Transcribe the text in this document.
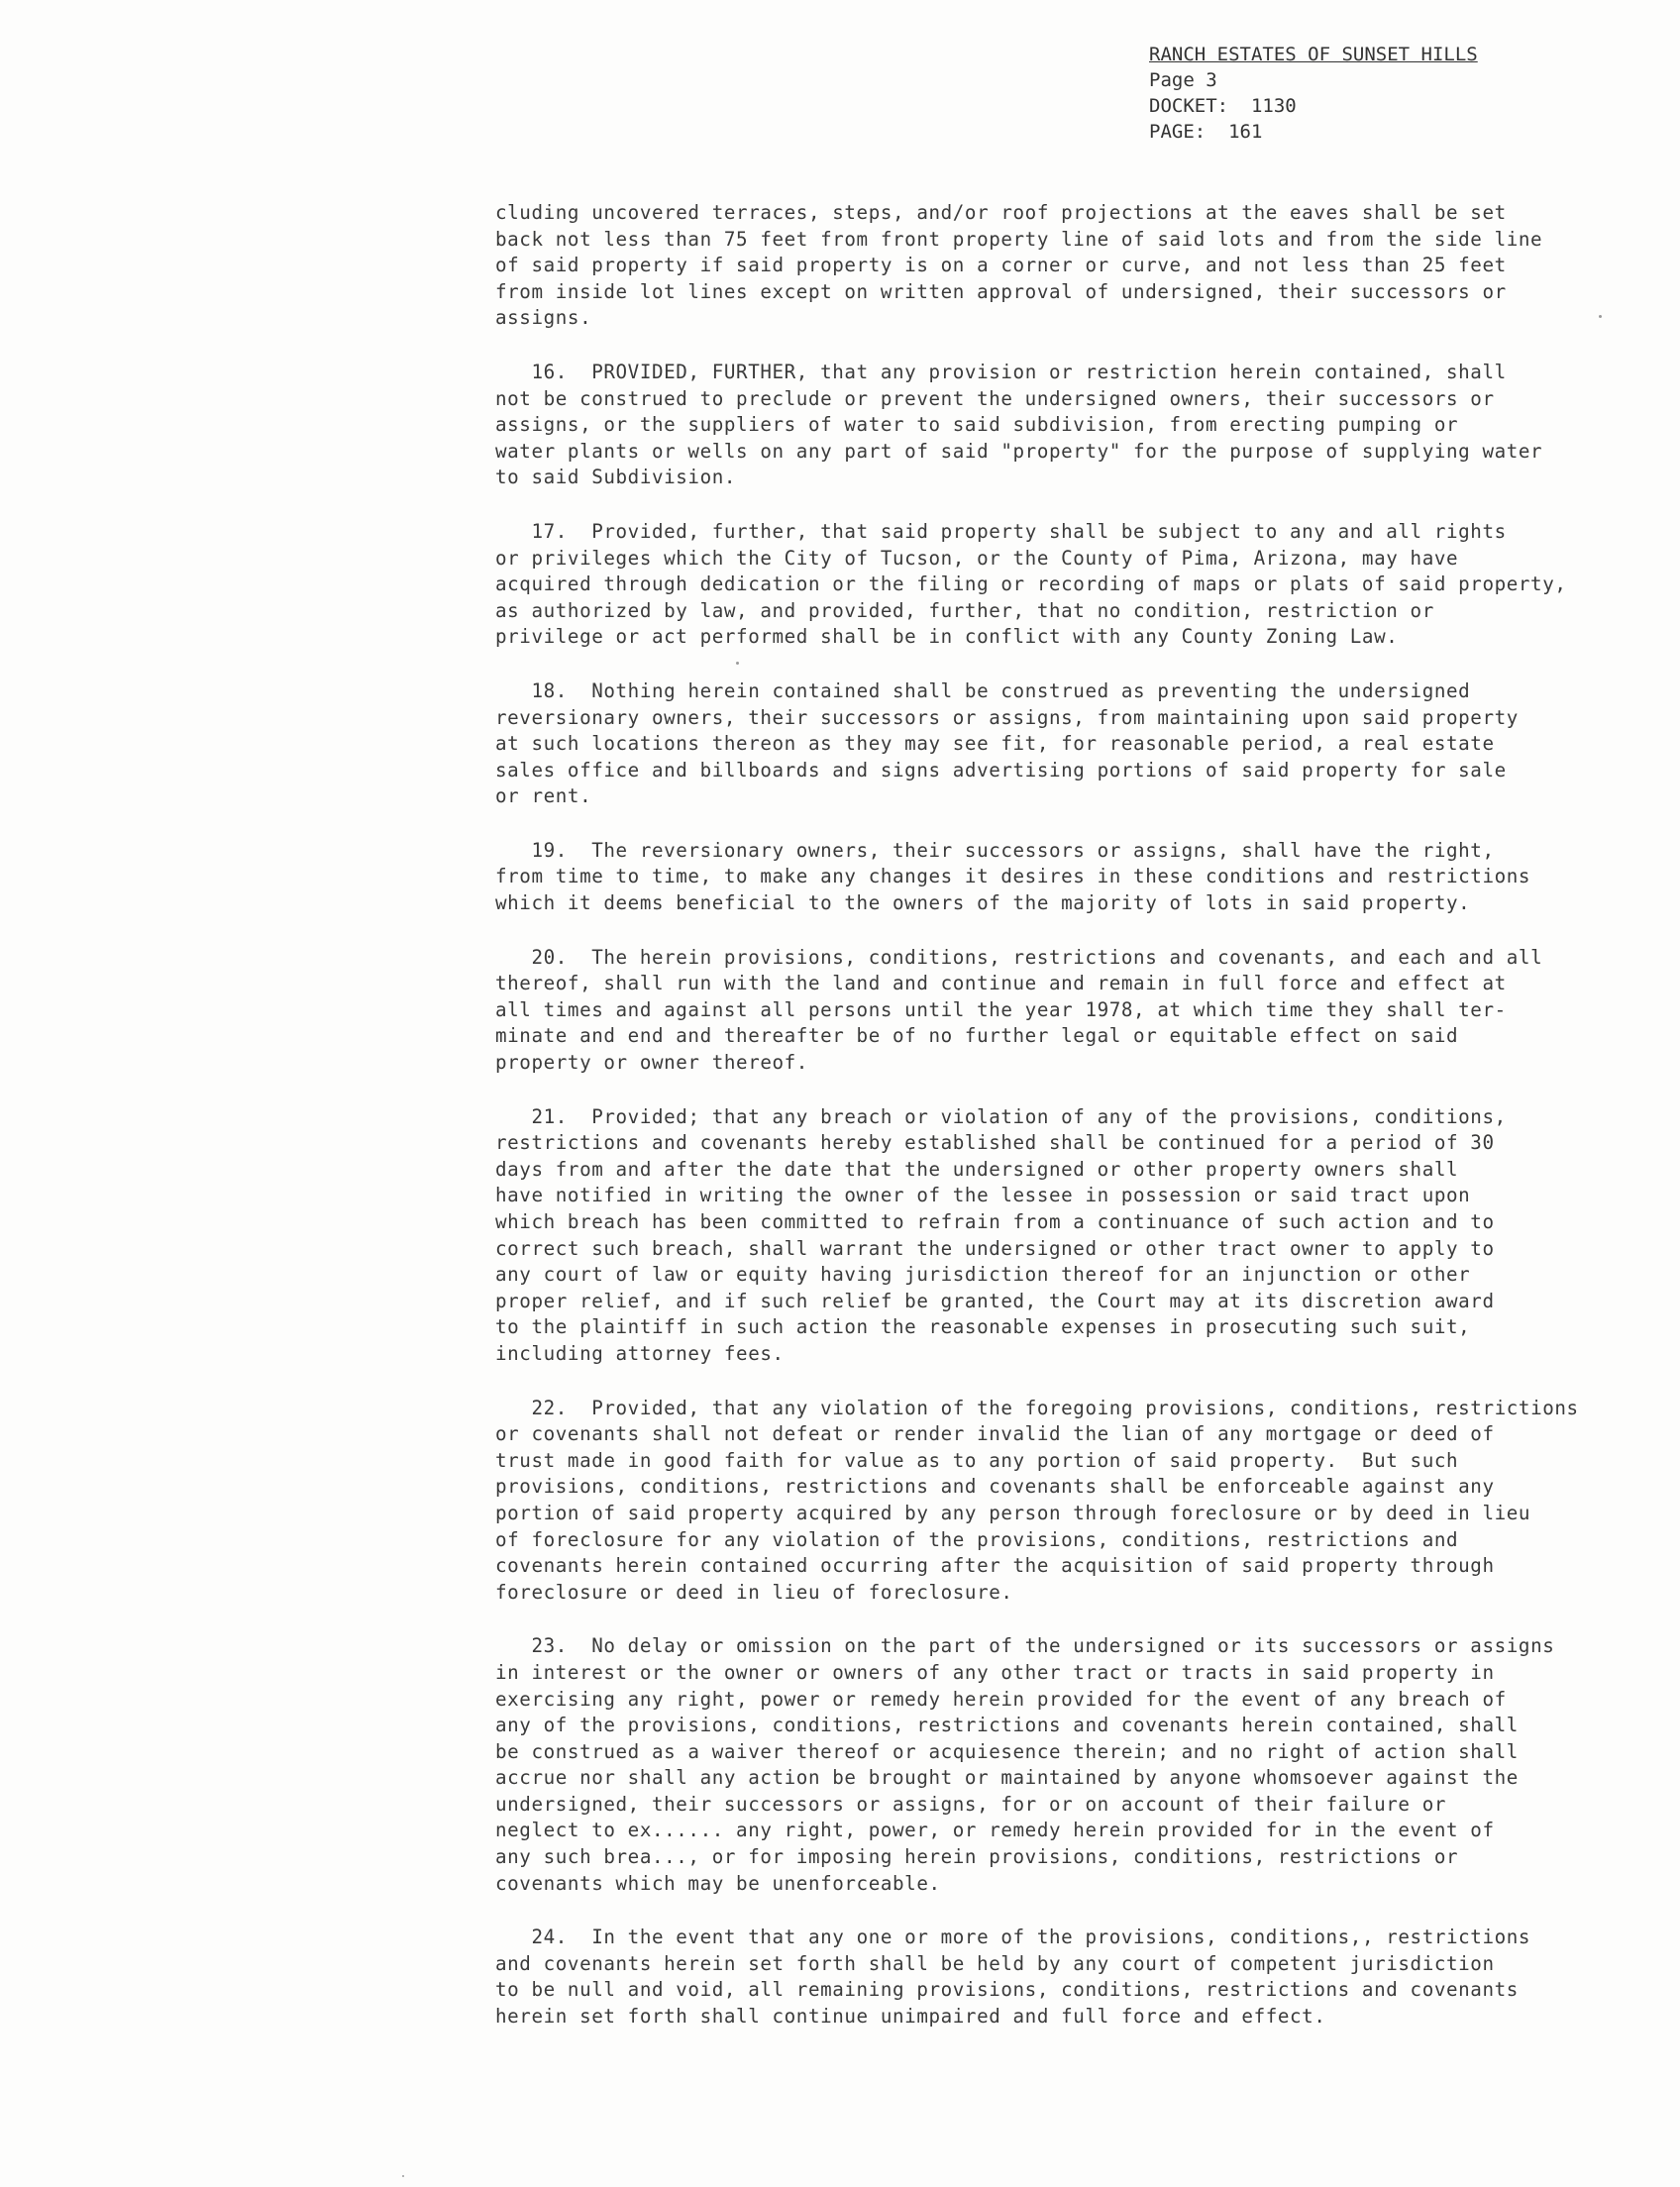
RANCH ESTATES OF SUNSET HILLS
Page 3
DOCKET:  1130
PAGE:  161

cluding uncovered terraces, steps, and/or roof projections at the eaves shall be set
back not less than 75 feet from front property line of said lots and from the side line
of said property if said property is on a corner or curve, and not less than 25 feet
from inside lot lines except on written approval of undersigned, their successors or
assigns.

16.  PROVIDED, FURTHER, that any provision or restriction herein contained, shall
not be construed to preclude or prevent the undersigned owners, their successors or
assigns, or the suppliers of water to said subdivision, from erecting pumping or
water plants or wells on any part of said "property" for the purpose of supplying water
to said Subdivision.

17.  Provided, further, that said property shall be subject to any and all rights
or privileges which the City of Tucson, or the County of Pima, Arizona, may have
acquired through dedication or the filing or recording of maps or plats of said property,
as authorized by law, and provided, further, that no condition, restriction or
privilege or act performed shall be in conflict with any County Zoning Law.

18.  Nothing herein contained shall be construed as preventing the undersigned
reversionary owners, their successors or assigns, from maintaining upon said property
at such locations thereon as they may see fit, for reasonable period, a real estate
sales office and billboards and signs advertising portions of said property for sale
or rent.

19.  The reversionary owners, their successors or assigns, shall have the right,
from time to time, to make any changes it desires in these conditions and restrictions
which it deems beneficial to the owners of the majority of lots in said property.

20.  The herein provisions, conditions, restrictions and covenants, and each and all
thereof, shall run with the land and continue and remain in full force and effect at
all times and against all persons until the year 1978, at which time they shall ter-
minate and end and thereafter be of no further legal or equitable effect on said
property or owner thereof.

21.  Provided; that any breach or violation of any of the provisions, conditions,
restrictions and covenants hereby established shall be continued for a period of 30
days from and after the date that the undersigned or other property owners shall
have notified in writing the owner of the lessee in possession or said tract upon
which breach has been committed to refrain from a continuance of such action and to
correct such breach, shall warrant the undersigned or other tract owner to apply to
any court of law or equity having jurisdiction thereof for an injunction or other
proper relief, and if such relief be granted, the Court may at its discretion award
to the plaintiff in such action the reasonable expenses in prosecuting such suit,
including attorney fees.

22.  Provided, that any violation of the foregoing provisions, conditions, restrictions
or covenants shall not defeat or render invalid the lian of any mortgage or deed of
trust made in good faith for value as to any portion of said property.  But such
provisions, conditions, restrictions and covenants shall be enforceable against any
portion of said property acquired by any person through foreclosure or by deed in lieu
of foreclosure for any violation of the provisions, conditions, restrictions and
covenants herein contained occurring after the acquisition of said property through
foreclosure or deed in lieu of foreclosure.

23.  No delay or omission on the part of the undersigned or its successors or assigns
in interest or the owner or owners of any other tract or tracts in said property in
exercising any right, power or remedy herein provided for the event of any breach of
any of the provisions, conditions, restrictions and covenants herein contained, shall
be construed as a waiver thereof or acquiesence therein; and no right of action shall
accrue nor shall any action be brought or maintained by anyone whomsoever against the
undersigned, their successors or assigns, for or on account of their failure or
neglect to ex...... any right, power, or remedy herein provided for in the event of
any such brea..., or for imposing herein provisions, conditions, restrictions or
covenants which may be unenforceable.

24.  In the event that any one or more of the provisions, conditions,, restrictions
and covenants herein set forth shall be held by any court of competent jurisdiction
to be null and void, all remaining provisions, conditions, restrictions and covenants
herein set forth shall continue unimpaired and full force and effect.
